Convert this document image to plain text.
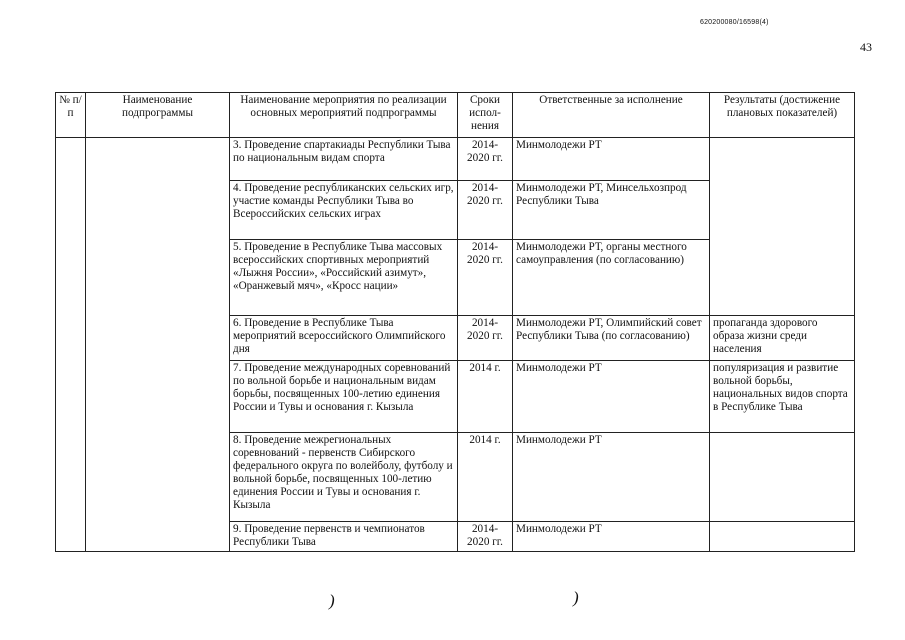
620200080/16598(4)
43
№ п/п	Наименование подпрограммы	Наименование мероприятия по реализации основных мероприятий подпрограммы	Сроки испол-нения	Ответственные за исполнение	Результаты (достижение плановых показателей)
		3. Проведение спартакиады Республики Тыва по национальным видам спорта	2014-2020 гг.	Минмолодежи РТ	
		4. Проведение республиканских сельских игр, участие команды Республики Тыва во Всероссийских сельских играх	2014-2020 гг.	Минмолодежи РТ, Минсельхозпрод Республики Тыва	
		5. Проведение в Республике Тыва массовых всероссийских спортивных мероприятий «Лыжня России», «Российский азимут», «Оранжевый мяч», «Кросс нации»	2014-2020 гг.	Минмолодежи РТ, органы местного самоуправления (по согласованию)	
		6. Проведение в Республике Тыва мероприятий всероссийского Олимпийского дня	2014-2020 гг.	Минмолодежи РТ, Олимпийский совет Республики Тыва (по согласованию)	пропаганда здорового образа жизни среди населения
		7. Проведение международных соревнований по вольной борьбе и национальным видам борьбы, посвященных 100-летию единения России и Тувы и основания г. Кызыла	2014 г.	Минмолодежи РТ	популяризация и развитие вольной борьбы, национальных видов спорта в Республике Тыва
		8. Проведение межрегиональных соревнований - первенств Сибирского федерального округа по волейболу, футболу и вольной борьбе, посвященных 100-летию единения России и Тувы и основания г. Кызыла	2014 г.	Минмолодежи РТ	
		9. Проведение первенств и чемпионатов Республики Тыва	2014-2020 гг.	Минмолодежи РТ	
)	)
